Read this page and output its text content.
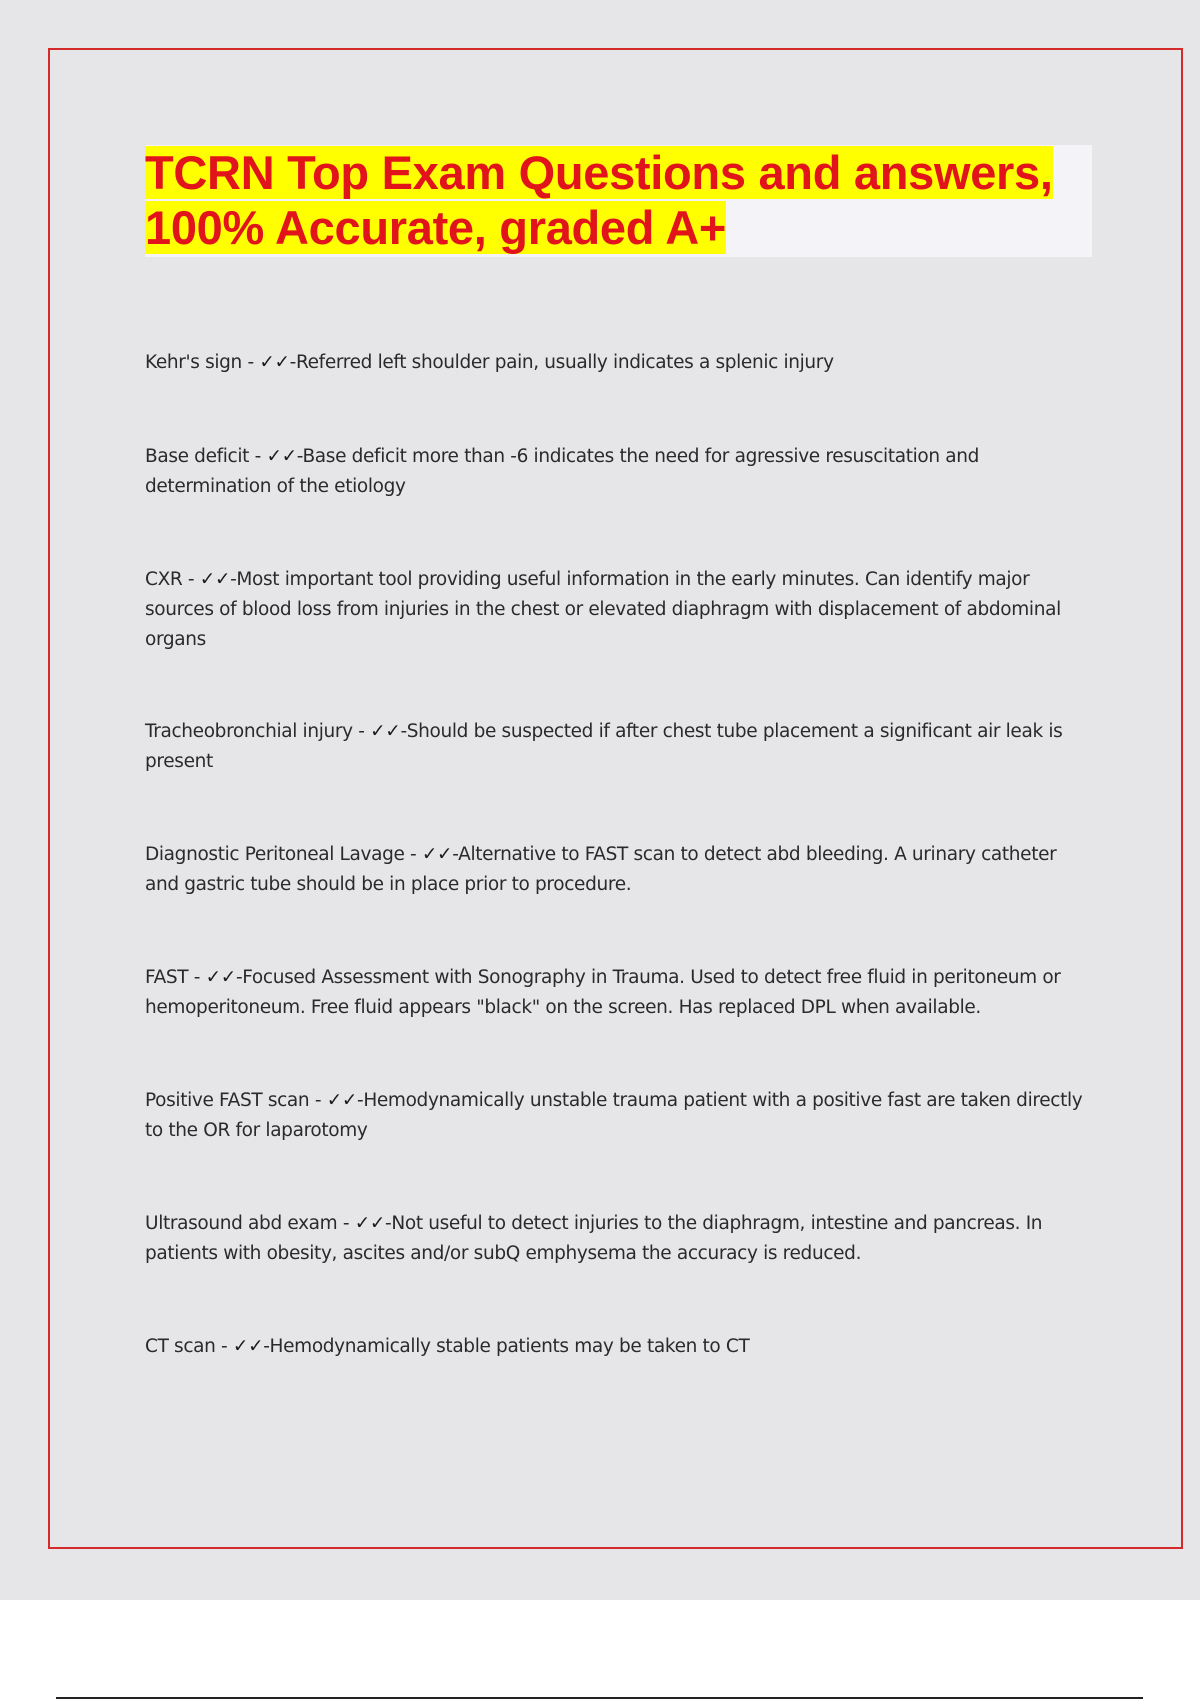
TCRN Top Exam Questions and answers, 100% Accurate, graded A+
Kehr's sign - ✓✓-Referred left shoulder pain, usually indicates a splenic injury
Base deficit - ✓✓-Base deficit more than -6 indicates the need for agressive resuscitation and determination of the etiology
CXR - ✓✓-Most important tool providing useful information in the early minutes. Can identify major sources of blood loss from injuries in the chest or elevated diaphragm with displacement of abdominal organs
Tracheobronchial injury - ✓✓-Should be suspected if after chest tube placement a significant air leak is present
Diagnostic Peritoneal Lavage - ✓✓-Alternative to FAST scan to detect abd bleeding. A urinary catheter and gastric tube should be in place prior to procedure.
FAST - ✓✓-Focused Assessment with Sonography in Trauma. Used to detect free fluid in peritoneum or hemoperitoneum. Free fluid appears "black" on the screen. Has replaced DPL when available.
Positive FAST scan - ✓✓-Hemodynamically unstable trauma patient with a positive fast are taken directly to the OR for laparotomy
Ultrasound abd exam - ✓✓-Not useful to detect injuries to the diaphragm, intestine and pancreas. In patients with obesity, ascites and/or subQ emphysema the accuracy is reduced.
CT scan - ✓✓-Hemodynamically stable patients may be taken to CT
